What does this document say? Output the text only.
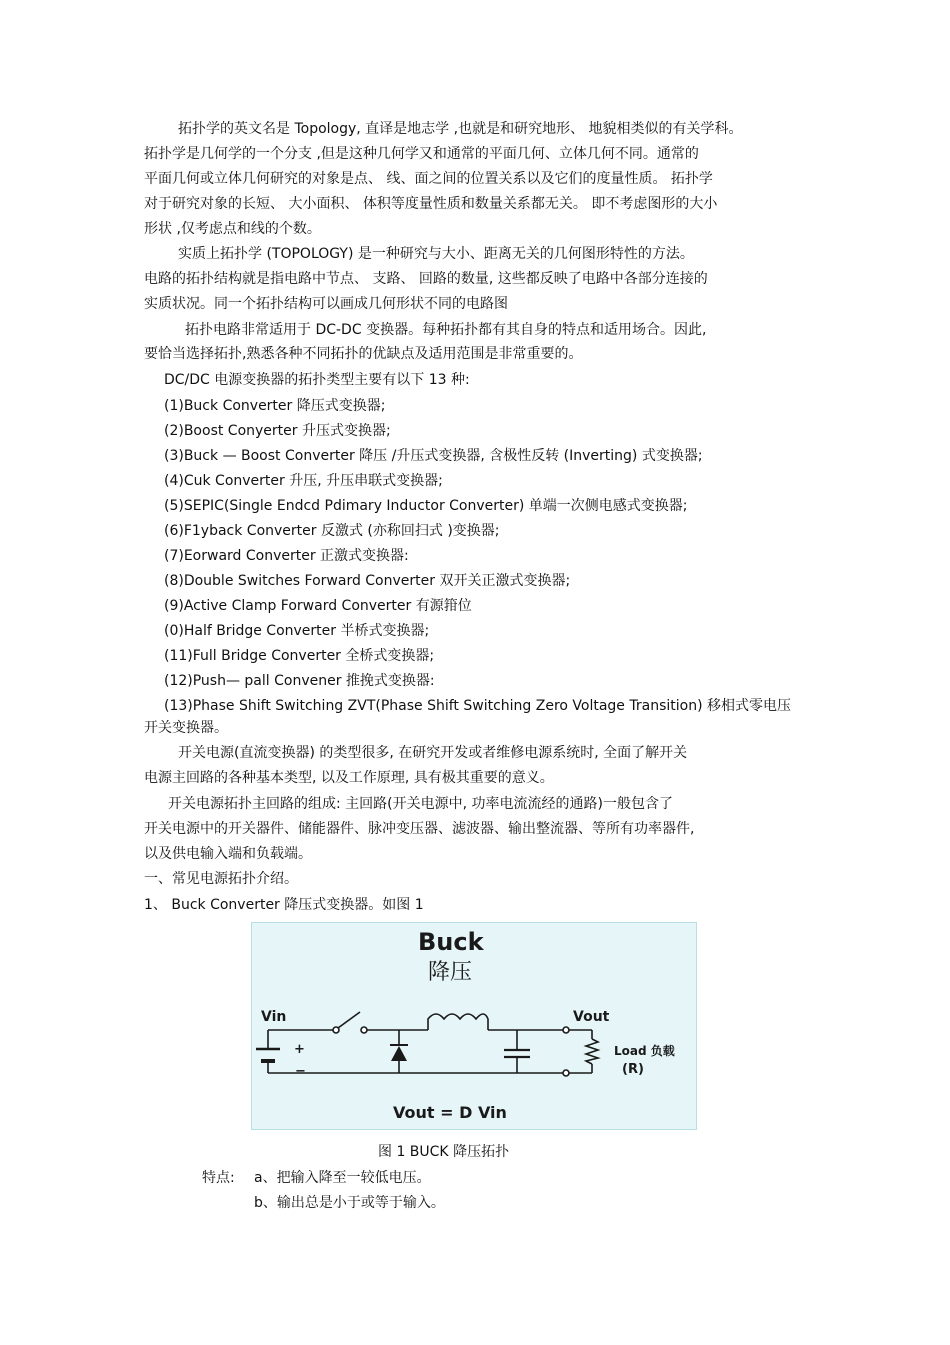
拓扑学的英文名是 Topology, 直译是地志学 ,也就是和研究地形、 地貌相类似的有关学科。
拓扑学是几何学的一个分支 ,但是这种几何学又和通常的平面几何、立体几何不同。通常的
平面几何或立体几何研究的对象是点、 线、面之间的位置关系以及它们的度量性质。 拓扑学
对于研究对象的长短、 大小面积、 体积等度量性质和数量关系都无关。 即不考虑图形的大小
形状 ,仅考虑点和线的个数。
实质上拓扑学 (TOPOLOGY) 是一种研究与大小、距离无关的几何图形特性的方法。
电路的拓扑结构就是指电路中节点、 支路、 回路的数量, 这些都反映了电路中各部分连接的
实质状况。同一个拓扑结构可以画成几何形状不同的电路图
拓扑电路非常适用于 DC-DC 变换器。每种拓扑都有其自身的特点和适用场合。因此,
要恰当选择拓扑,熟悉各种不同拓扑的优缺点及适用范围是非常重要的。
DC/DC 电源变换器的拓扑类型主要有以下 13 种:
(1)Buck Converter 降压式变换器;
(2)Boost Conyerter 升压式变换器;
(3)Buck — Boost Converter 降压 /升压式变换器, 含极性反转 (Inverting) 式变换器;
(4)Cuk Converter 升压, 升压串联式变换器;
(5)SEPIC(Single Endcd Pdimary Inductor Converter) 单端一次侧电感式变换器;
(6)F1yback Converter 反激式 (亦称回扫式 )变换器;
(7)Eorward Converter 正激式变换器:
(8)Double Switches Forward Converter 双开关正激式变换器;
(9)Active Clamp Forward Converter 有源箝位
(0)Half Bridge Converter 半桥式变换器;
(11)Full Bridge Converter 全桥式变换器;
(12)Push— pall Convener 推挽式变换器:
(13)Phase Shift Switching ZVT(Phase Shift Switching Zero Voltage Transition) 移相式零电压
开关变换器。
开关电源(直流变换器) 的类型很多, 在研究开发或者维修电源系统时, 全面了解开关
电源主回路的各种基本类型, 以及工作原理, 具有极其重要的意义。
开关电源拓扑主回路的组成: 主回路(开关电源中, 功率电流流经的通路)一般包含了
开关电源中的开关器件、储能器件、脉冲变压器、滤波器、输出整流器、等所有功率器件,
以及供电输入端和负载端。
一、常见电源拓扑介绍。
1、 Buck Converter 降压式变换器。如图 1
Buck
降压
Vin	Vout
+
−
Load 负载
(R)
Vout = D Vin
图 1 BUCK 降压拓扑
特点: a、把输入降至一较低电压。
b、输出总是小于或等于输入。
